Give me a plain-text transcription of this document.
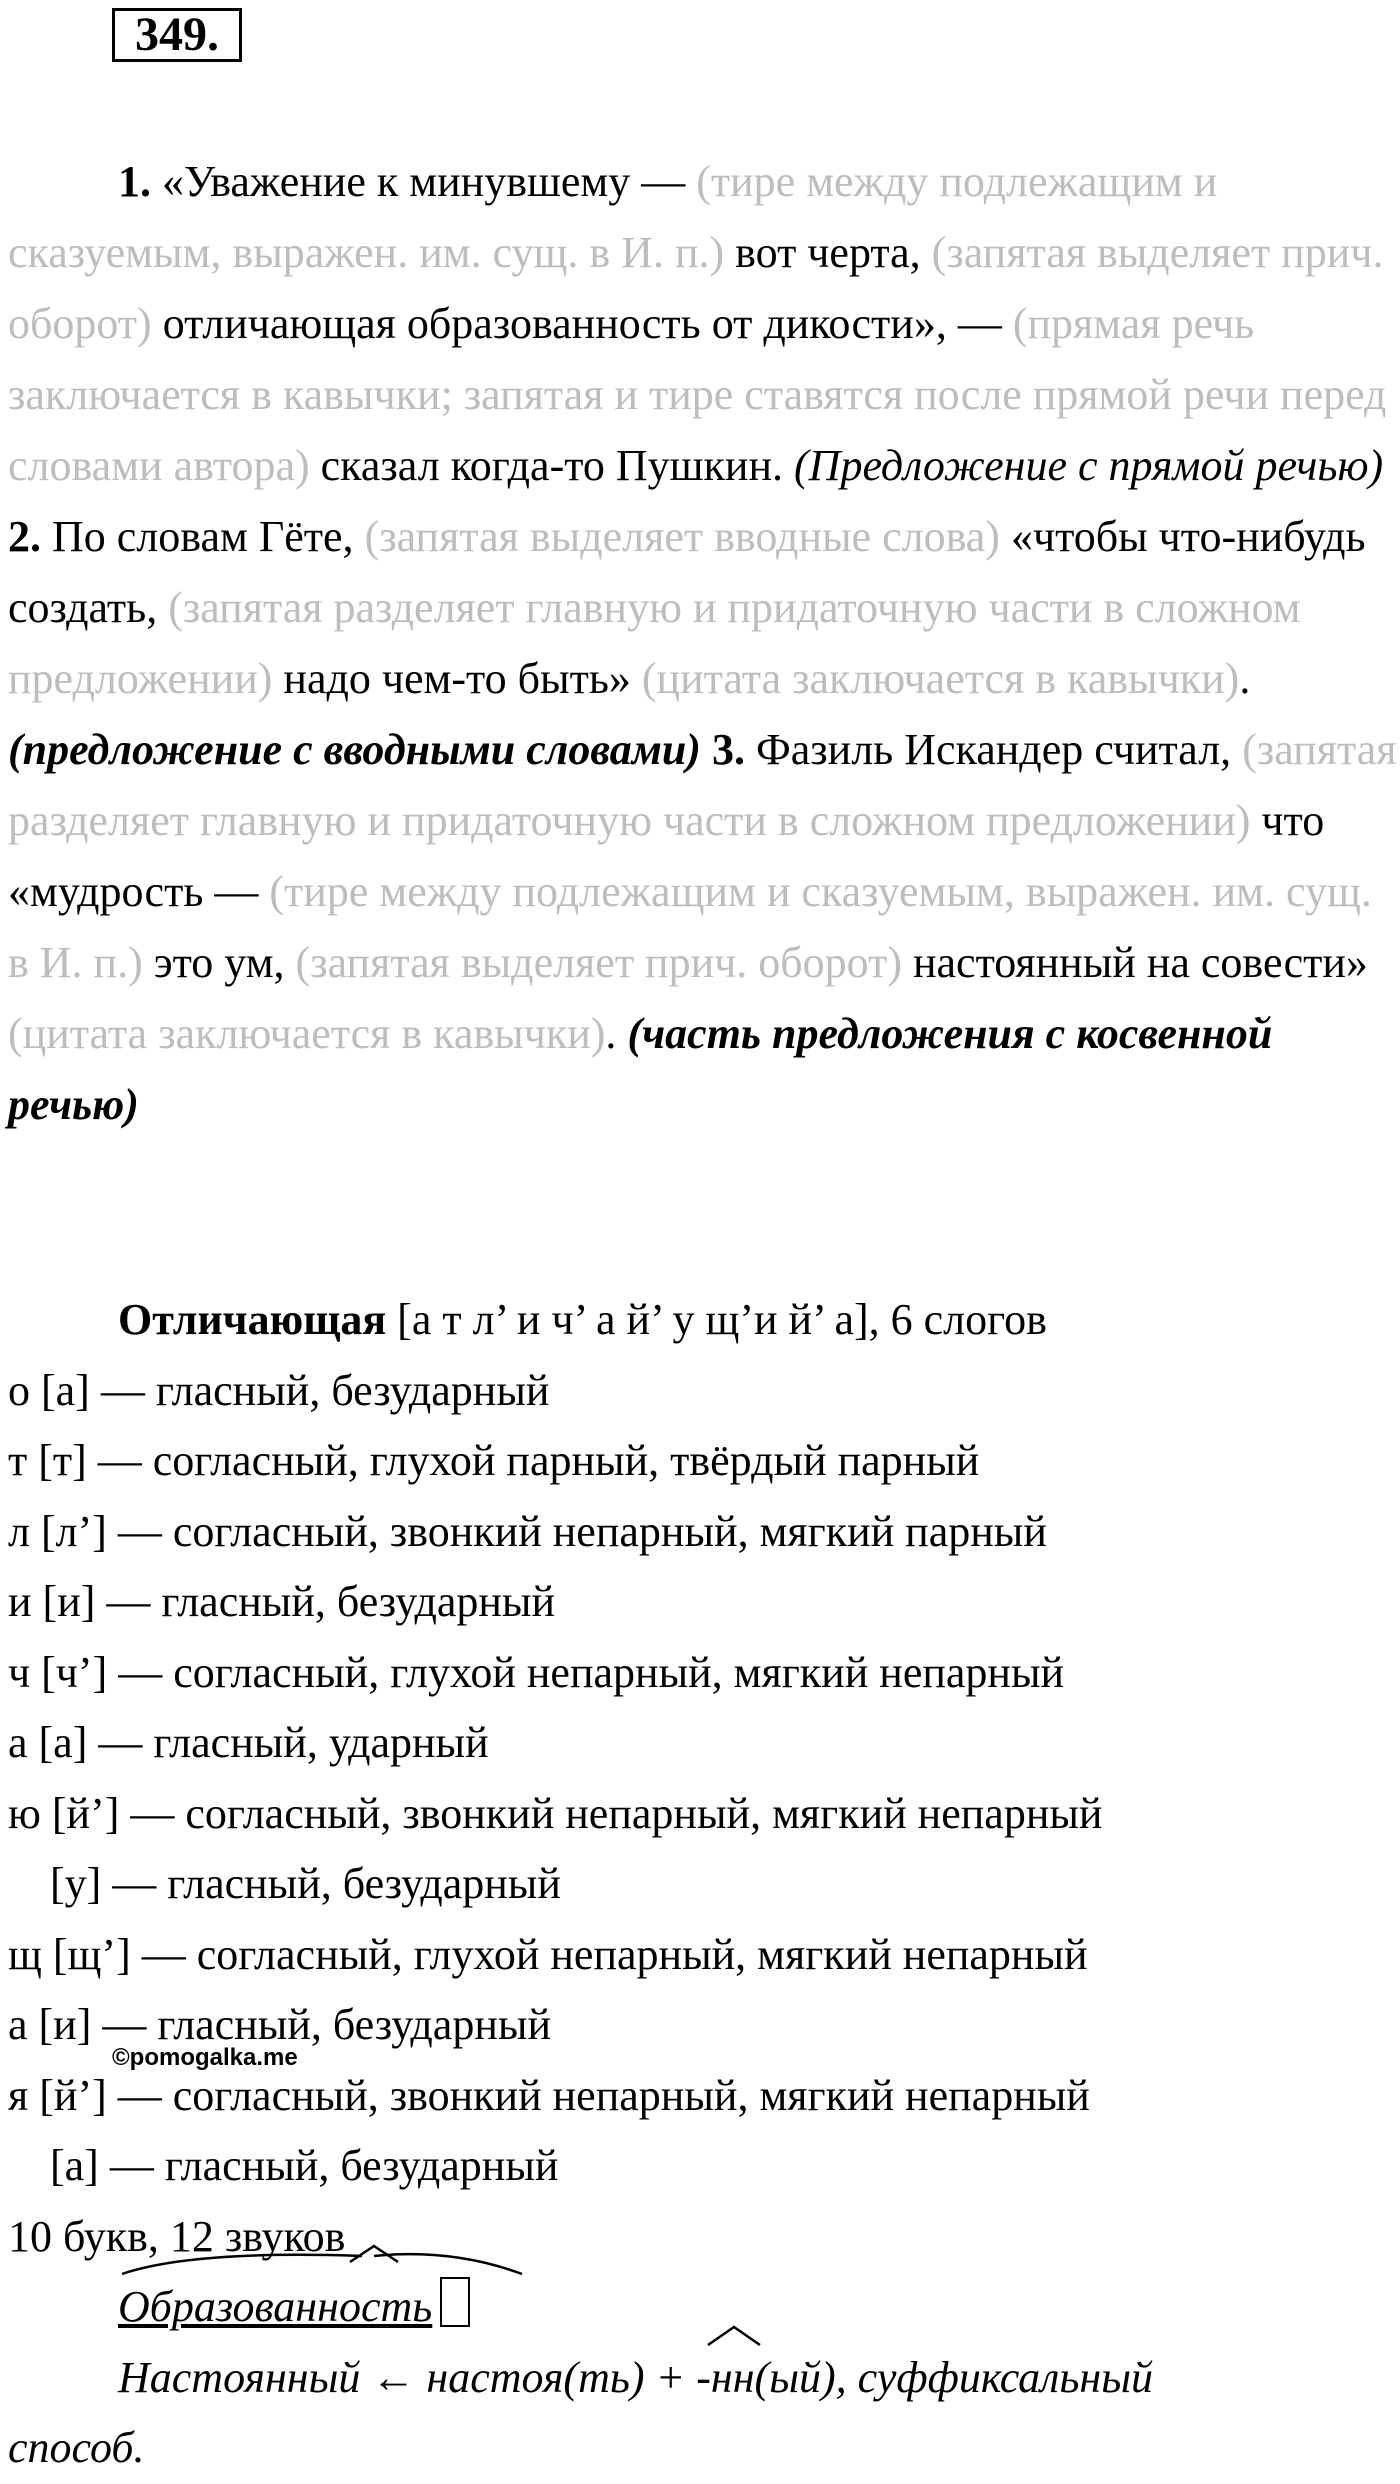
349.
1. «Уважение к минувшему — (тире между подлежащим и сказуемым, выражен. им. сущ. в И. п.) вот черта, (запятая выделяет прич. оборот) отличающая образованность от дикости», — (прямая речь заключается в кавычки; запятая и тире ставятся после прямой речи перед словами автора) сказал когда-то Пушкин. (Предложение с прямой речью) 2. По словам Гёте, (запятая выделяет вводные слова) «чтобы что-нибудь создать, (запятая разделяет главную и придаточную части в сложном предложении) надо чем-то быть» (цитата заключается в кавычки). (предложение с вводными словами) 3. Фазиль Искандер считал, (запятая разделяет главную и придаточную части в сложном предложении) что «мудрость — (тире между подлежащим и сказуемым, выражен. им. сущ. в И. п.) это ум, (запятая выделяет прич. оборот) настоянный на совести» (цитата заключается в кавычки). (часть предложения с косвенной речью)
Отличающая [а т л’ и ч’ а й’ у щ’и й’ а], 6 слогов
о [а] — гласный, безударный
т [т] — согласный, глухой парный, твёрдый парный
л [л’] — согласный, звонкий непарный, мягкий парный
и [и] — гласный, безударный
ч [ч’] — согласный, глухой непарный, мягкий непарный
а [а] — гласный, ударный
ю [й’] — согласный, звонкий непарный, мягкий непарный
[у] — гласный, безударный
щ [щ’] — согласный, глухой непарный, мягкий непарный
а [и] — гласный, безударный
я [й’] — согласный, звонкий непарный, мягкий непарный
[а] — гласный, безударный
10 букв, 12 звуков
Образованность
Настоянный ← настоя(ть) + -нн(ый), суффиксальный
способ.
©pomogalka.me
